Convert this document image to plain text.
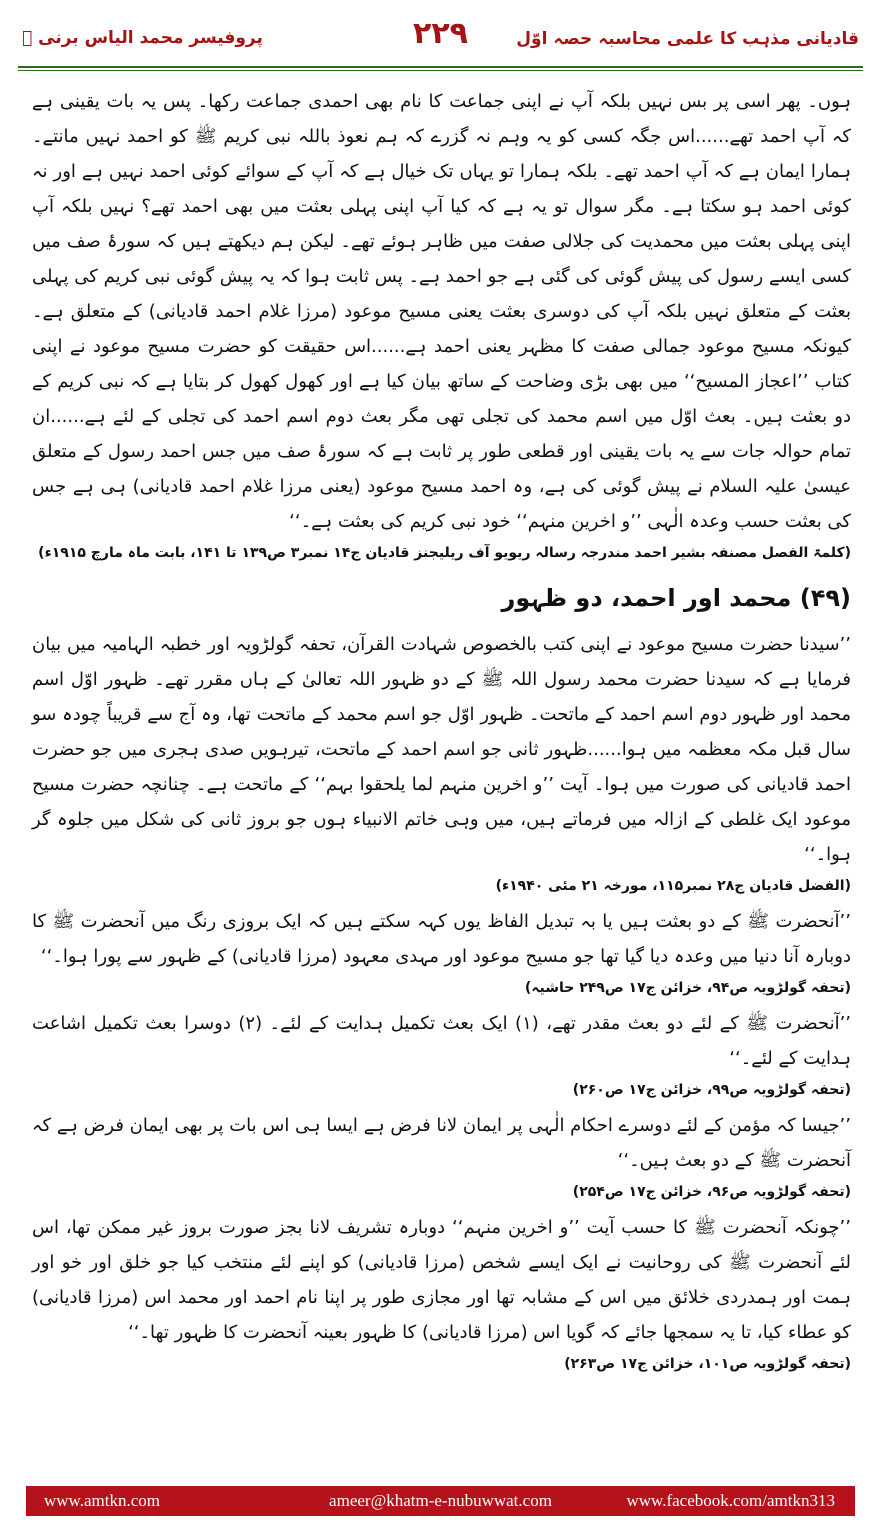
پروفیسر محمد الیاس برنی ﷫	۲۲۹	قادیانی مذہب کا علمی محاسبہ حصہ اوّل

ہوں۔ پھر اسی پر بس نہیں بلکہ آپ نے اپنی جماعت کا نام بھی احمدی جماعت رکھا۔ پس یہ بات یقینی ہے کہ آپ احمد تھے......اس جگہ کسی کو یہ وہم نہ گزرے کہ ہم نعوذ باللہ نبی کریم ﷺ کو احمد نہیں مانتے۔ ہمارا ایمان ہے کہ آپ احمد تھے۔ بلکہ ہمارا تو یہاں تک خیال ہے کہ آپ کے سوائے کوئی احمد نہیں ہے اور نہ کوئی احمد ہو سکتا ہے۔ مگر سوال تو یہ ہے کہ کیا آپ اپنی پہلی بعثت میں بھی احمد تھے؟ نہیں بلکہ آپ اپنی پہلی بعثت میں محمدیت کی جلالی صفت میں ظاہر ہوئے تھے۔ لیکن ہم دیکھتے ہیں کہ سورۂ صف میں کسی ایسے رسول کی پیش گوئی کی گئی ہے جو احمد ہے۔ پس ثابت ہوا کہ یہ پیش گوئی نبی کریم کی پہلی بعثت کے متعلق نہیں بلکہ آپ کی دوسری بعثت یعنی مسیح موعود (مرزا غلام احمد قادیانی) کے متعلق ہے۔ کیونکہ مسیح موعود جمالی صفت کا مظہر یعنی احمد ہے......اس حقیقت کو حضرت مسیح موعود نے اپنی کتاب ’’اعجاز المسیح‘‘ میں بھی بڑی وضاحت کے ساتھ بیان کیا ہے اور کھول کھول کر بتایا ہے کہ نبی کریم کے دو بعثت ہیں۔ بعث اوّل میں اسم محمد کی تجلی تھی مگر بعث دوم اسم احمد کی تجلی کے لئے ہے......ان تمام حوالہ جات سے یہ بات یقینی اور قطعی طور پر ثابت ہے کہ سورۂ صف میں جس احمد رسول کے متعلق عیسیٰ علیہ السلام نے پیش گوئی کی ہے، وہ احمد مسیح موعود (یعنی مرزا غلام احمد قادیانی) ہی ہے جس کی بعثت حسب وعدہ الٰہی ’’و اخرین منہم‘‘ خود نبی کریم کی بعثت ہے۔‘‘

(کلمۃ الفصل مصنفہ بشیر احمد مندرجہ رسالہ ریویو آف ریلیجنز قادیان ج۱۴ نمبر۳ ص۱۳۹ تا ۱۴۱، بابت ماہ مارچ ۱۹۱۵ء)

(۴۹) محمد اور احمد، دو ظہور

’’سیدنا حضرت مسیح موعود نے اپنی کتب بالخصوص شہادت القرآن، تحفہ گولڑویہ اور خطبہ الہامیہ میں بیان فرمایا ہے کہ سیدنا حضرت محمد رسول اللہ ﷺ کے دو ظہور اللہ تعالیٰ کے ہاں مقرر تھے۔ ظہور اوّل اسم محمد اور ظہور دوم اسم احمد کے ماتحت۔ ظہور اوّل جو اسم محمد کے ماتحت تھا، وہ آج سے قریباً چودہ سو سال قبل مکہ معظمہ میں ہوا......ظہور ثانی جو اسم احمد کے ماتحت، تیرہویں صدی ہجری میں جو حضرت احمد قادیانی کی صورت میں ہوا۔ آیت ’’و اخرین منہم لما یلحقوا بہم‘‘ کے ماتحت ہے۔ چنانچہ حضرت مسیح موعود ایک غلطی کے ازالہ میں فرماتے ہیں، میں وہی خاتم الانبیاء ہوں جو بروز ثانی کی شکل میں جلوہ گر ہوا۔‘‘

(الفضل قادیان ج۲۸ نمبر۱۱۵، مورخہ ۲۱ مئی ۱۹۴۰ء)

’’آنحضرت ﷺ کے دو بعثت ہیں یا بہ تبدیل الفاظ یوں کہہ سکتے ہیں کہ ایک بروزی رنگ میں آنحضرت ﷺ کا دوبارہ آنا دنیا میں وعدہ دیا گیا تھا جو مسیح موعود اور مہدی معہود (مرزا قادیانی) کے ظہور سے پورا ہوا۔‘‘

(تحفہ گولڑویہ ص۹۴، خزائن ج۱۷ ص۲۴۹ حاشیہ)

’’آنحضرت ﷺ کے لئے دو بعث مقدر تھے، (۱) ایک بعث تکمیل ہدایت کے لئے۔ (۲) دوسرا بعث تکمیل اشاعت ہدایت کے لئے۔‘‘

(تحفہ گولڑویہ ص۹۹، خزائن ج۱۷ ص۲۶۰)

’’جیسا کہ مؤمن کے لئے دوسرے احکام الٰہی پر ایمان لانا فرض ہے ایسا ہی اس بات پر بھی ایمان فرض ہے کہ آنحضرت ﷺ کے دو بعث ہیں۔‘‘

(تحفہ گولڑویہ ص۹۶، خزائن ج۱۷ ص۲۵۴)

’’چونکہ آنحضرت ﷺ کا حسب آیت ’’و اخرین منہم‘‘ دوبارہ تشریف لانا بجز صورت بروز غیر ممکن تھا، اس لئے آنحضرت ﷺ کی روحانیت نے ایک ایسے شخص (مرزا قادیانی) کو اپنے لئے منتخب کیا جو خلق اور خو اور ہمت اور ہمدردی خلائق میں اس کے مشابہ تھا اور مجازی طور پر اپنا نام احمد اور محمد اس (مرزا قادیانی) کو عطاء کیا، تا یہ سمجھا جائے کہ گویا اس (مرزا قادیانی) کا ظہور بعینہ آنحضرت کا ظہور تھا۔‘‘

(تحفہ گولڑویہ ص۱۰۱، خزائن ج۱۷ ص۲۶۳)

www.amtkn.com	ameer@khatm-e-nubuwwat.com	www.facebook.com/amtkn313
